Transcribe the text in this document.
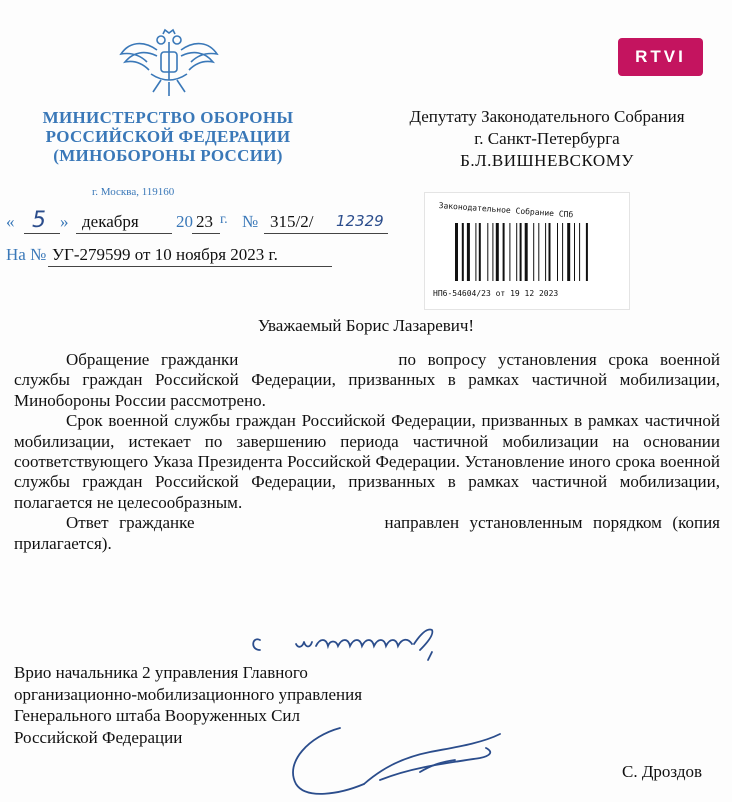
RTVI
МИНИСТЕРСТВО ОБОРОНЫ
РОССИЙСКОЙ ФЕДЕРАЦИИ
(МИНОБОРОНЫ РОССИИ)
г. Москва, 119160
« 5 » декабря 20 23 г. № 315/2/ 12329
На № УГ-279599 от 10 ноября 2023 г.
Депутату Законодательного Собрания
г. Санкт-Петербурга
Б.Л.ВИШНЕВСКОМУ
Законодательное Собрание СПб
НП6-54604/23 от 19 12 2023
Уважаемый Борис Лазаревич!

Обращение гражданки	по вопросу установления срока военной службы граждан Российской Федерации, призванных в рамках частичной мобилизации, Минобороны России рассмотрено.

Срок военной службы граждан Российской Федерации, призванных в рамках частичной мобилизации, истекает по завершению периода частичной мобилизации на основании соответствующего Указа Президента Российской Федерации. Установление иного срока военной службы граждан Российской Федерации, призванных в рамках частичной мобилизации, полагается не целесообразным.

Ответ гражданке	направлен установленным порядком (копия прилагается).

Врио начальника 2 управления Главного
организационно-мобилизационного управления
Генерального штаба Вооруженных Сил
Российской Федерации
С. Дроздов
